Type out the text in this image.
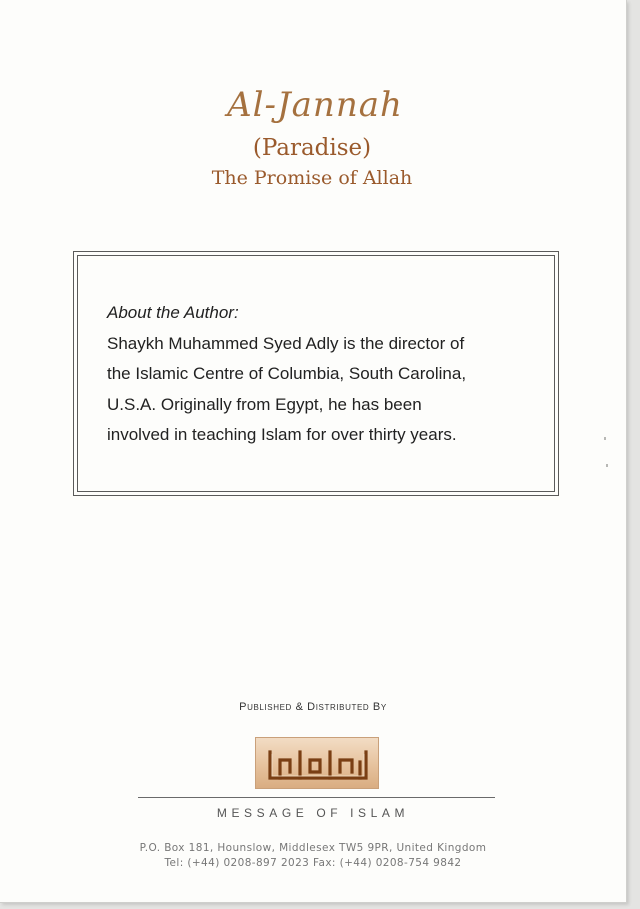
Al-Jannah
(Paradise)
The Promise of Allah
About the Author:
Shaykh Muhammed Syed Adly is the director of
the Islamic Centre of Columbia, South Carolina,
U.S.A. Originally from Egypt, he has been
involved in teaching Islam for over thirty years.
Published & Distributed By
MESSAGE OF ISLAM
P.O. Box 181, Hounslow, Middlesex TW5 9PR, United Kingdom
Tel: (+44) 0208-897 2023 Fax: (+44) 0208-754 9842
